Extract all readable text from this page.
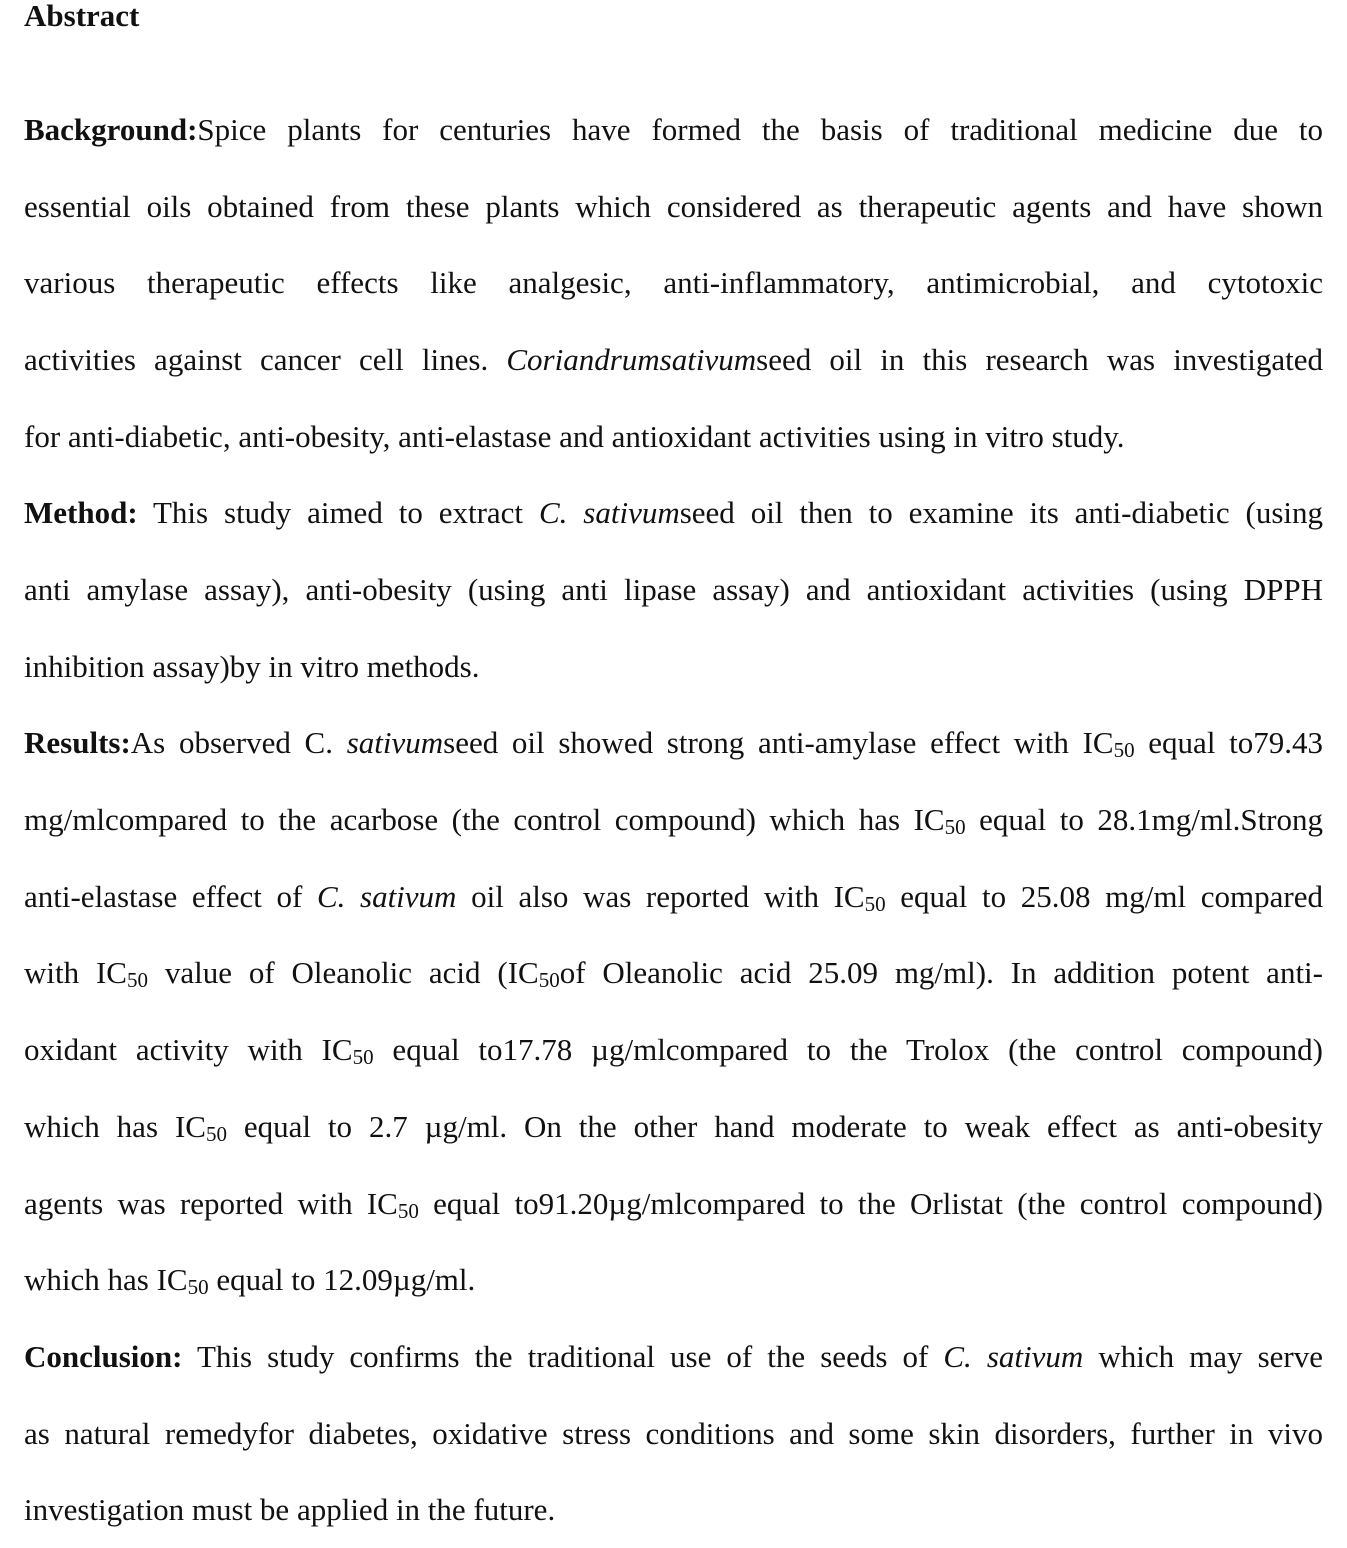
Abstract
Background:Spice plants for centuries have formed the basis of traditional medicine due to
essential oils obtained from these plants which considered as therapeutic agents and have shown
various therapeutic effects like analgesic, anti-inflammatory, antimicrobial, and cytotoxic
activities against cancer cell lines. Coriandrumsativumseed oil in this research was investigated
for anti-diabetic, anti-obesity, anti-elastase and antioxidant activities using in vitro study.
Method: This study aimed to extract C. sativumseed oil then to examine its anti-diabetic (using
anti amylase assay), anti-obesity (using anti lipase assay) and antioxidant activities (using DPPH
inhibition assay)by in vitro methods.
Results:As observed C. sativumseed oil showed strong anti-amylase effect with $IC_{50}$ equal to79.43
mg/mlcompared to the acarbose (the control compound) which has $IC_{50}$ equal to 28.1mg/ml.Strong
anti-elastase effect of C. sativum oil also was reported with $IC_{50}$ equal to 25.08 mg/ml compared
with $IC_{50}$ value of Oleanolic acid ($IC_{50}of$ Oleanolic acid 25.09 mg/ml). In addition potent anti-
oxidant activity with $IC_{50}$ equal to17.78 µg/mlcompared to the Trolox (the control compound)
which has $IC_{50}$ equal to 2.7 µg/ml. On the other hand moderate to weak effect as anti-obesity
agents was reported with $IC_{50}$ equal to91.20µg/mlcompared to the Orlistat (the control compound)
which has $IC_{50}$ equal to 12.09µg/ml.
Conclusion: This study confirms the traditional use of the seeds of C. sativum which may serve
as natural remedyfor diabetes, oxidative stress conditions and some skin disorders, further in vivo
investigation must be applied in the future.
